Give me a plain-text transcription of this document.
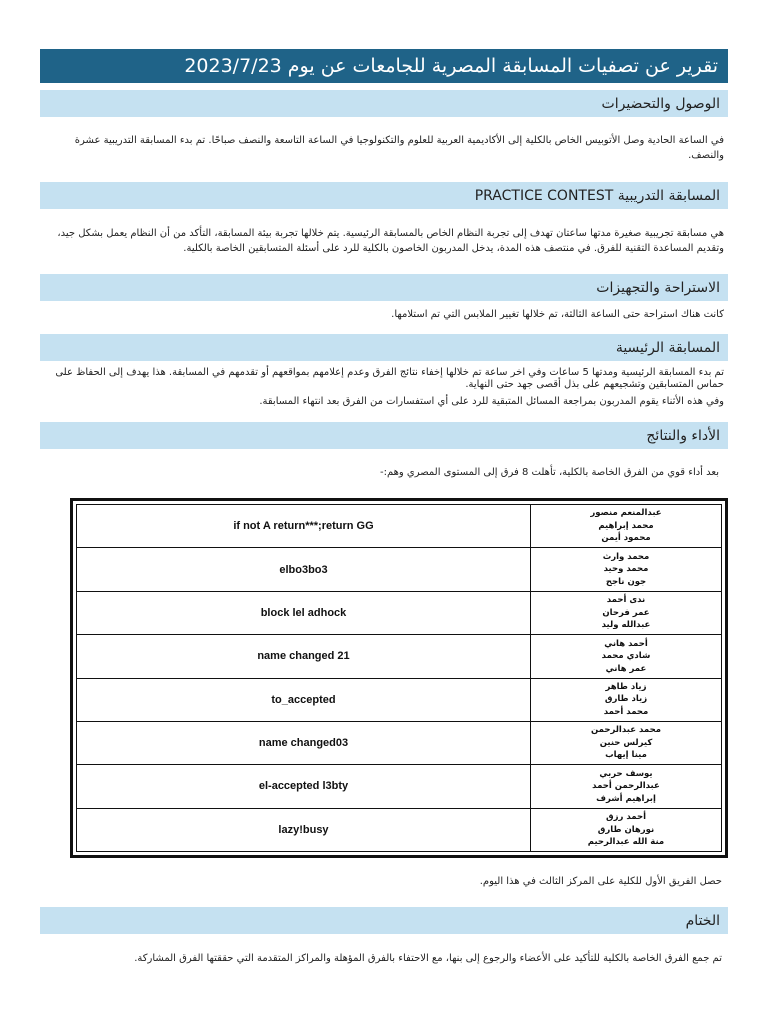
تقرير عن تصفيات المسابقة المصرية للجامعات عن يوم 2023/7/23
الوصول والتحضيرات
في الساعة الحادية وصل الأتوبيس الخاص بالكلية إلى الأكاديمية العربية للعلوم والتكنولوجيا في الساعة التاسعة والنصف صباحًا. تم بدء المسابقة التدريبية عشرة والنصف.
المسابقة التدريبية PRACTICE CONTEST
هي مسابقة تجريبية صغيرة مدتها ساعتان تهدف إلى تجربة النظام الخاص بالمسابقة الرئيسية. يتم خلالها تجربة بيئة المسابقة، التأكد من أن النظام يعمل بشكل جيد، وتقديم المساعدة التقنية للفرق. في منتصف هذه المدة، يدخل المدربون الخاصون بالكلية للرد على أسئلة المتسابقين الخاصة بالكلية.
الاستراحة والتجهيزات
كانت هناك استراحة حتى الساعة الثالثة، تم خلالها تغيير الملابس التي تم استلامها.
المسابقة الرئيسية
تم بدء المسابقة الرئيسية ومدتها 5 ساعات وفي اخر ساعة تم خلالها إخفاء نتائج الفرق وعدم إعلامهم بمواقعهم أو تقدمهم في المسابقة. هذا يهدف إلى الحفاظ على حماس المتسابقين وتشجيعهم على بذل أقصى جهد حتى النهاية.
وفي هذه الأثناء يقوم المدربون بمراجعة المسائل المتبقية للرد على أي استفسارات من الفرق بعد انتهاء المسابقة.
الأداء والنتائج
بعد أداء قوي من الفرق الخاصة بالكلية، تأهلت 8 فرق إلى المستوى المصري وهم:-
if not A return***;return GG	عبدالمنعم منصور
محمد إبراهيم
محمود أيمن

elbo3bo3	محمد وارث
محمد وحيد
جون ناجح

block lel adhock	ندى أحمد
عمر فرحان
عبدالله وليد

name changed 21	أحمد هاني
شادي محمد
عمر هاني

to_accepted	زياد طاهر
زياد طارق
محمد أحمد

name changed03	محمد عبدالرحمن
كيرلس حنين
مينا إيهاب

el-accepted l3bty	يوسف حربي
عبدالرحمن أحمد
إبراهيم أشرف

lazy!busy	أحمد رزق
نورهان طارق
منة الله عبدالرحيم
حصل الفريق الأول للكلية على المركز الثالث في هذا اليوم.
الختام
تم جمع الفرق الخاصة بالكلية للتأكيد على الأعضاء والرجوع إلى بنها، مع الاحتفاء بالفرق المؤهلة والمراكز المتقدمة التي حققتها الفرق المشاركة.
